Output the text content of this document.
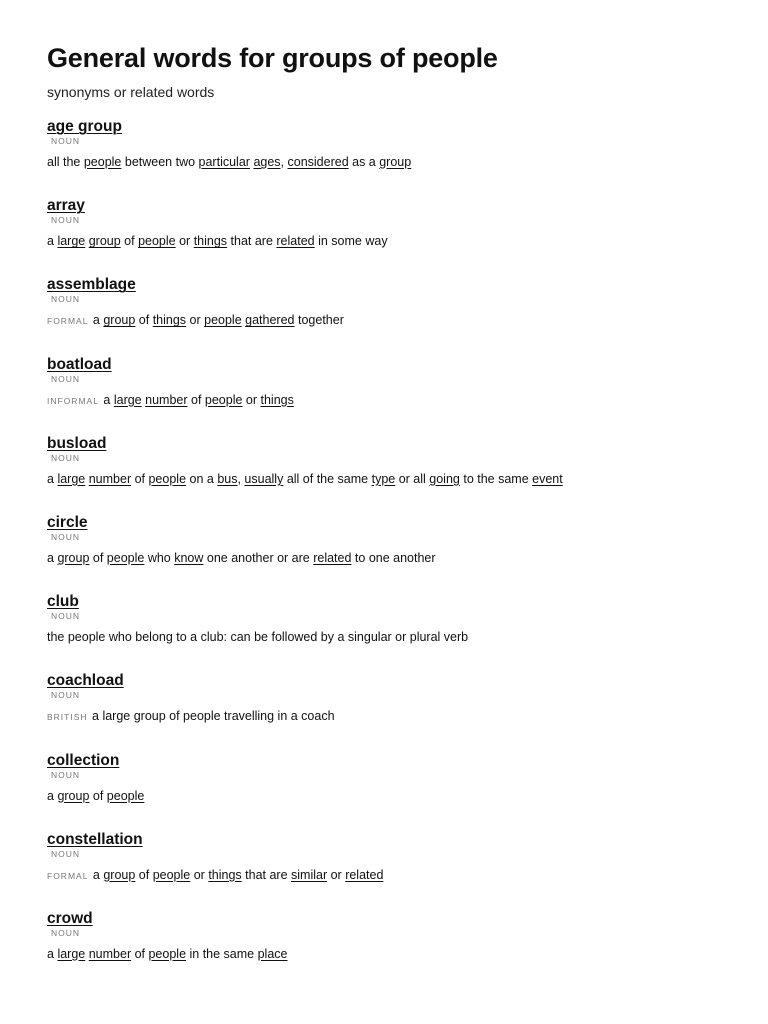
General words for groups of people
synonyms or related words
age group
NOUN
all the people between two particular ages, considered as a group
array
NOUN
a large group of people or things that are related in some way
assemblage
NOUN
FORMAL a group of things or people gathered together
boatload
NOUN
INFORMAL a large number of people or things
busload
NOUN
a large number of people on a bus, usually all of the same type or all going to the same event
circle
NOUN
a group of people who know one another or are related to one another
club
NOUN
the people who belong to a club: can be followed by a singular or plural verb
coachload
NOUN
BRITISH a large group of people travelling in a coach
collection
NOUN
a group of people
constellation
NOUN
FORMAL a group of people or things that are similar or related
crowd
NOUN
a large number of people in the same place
